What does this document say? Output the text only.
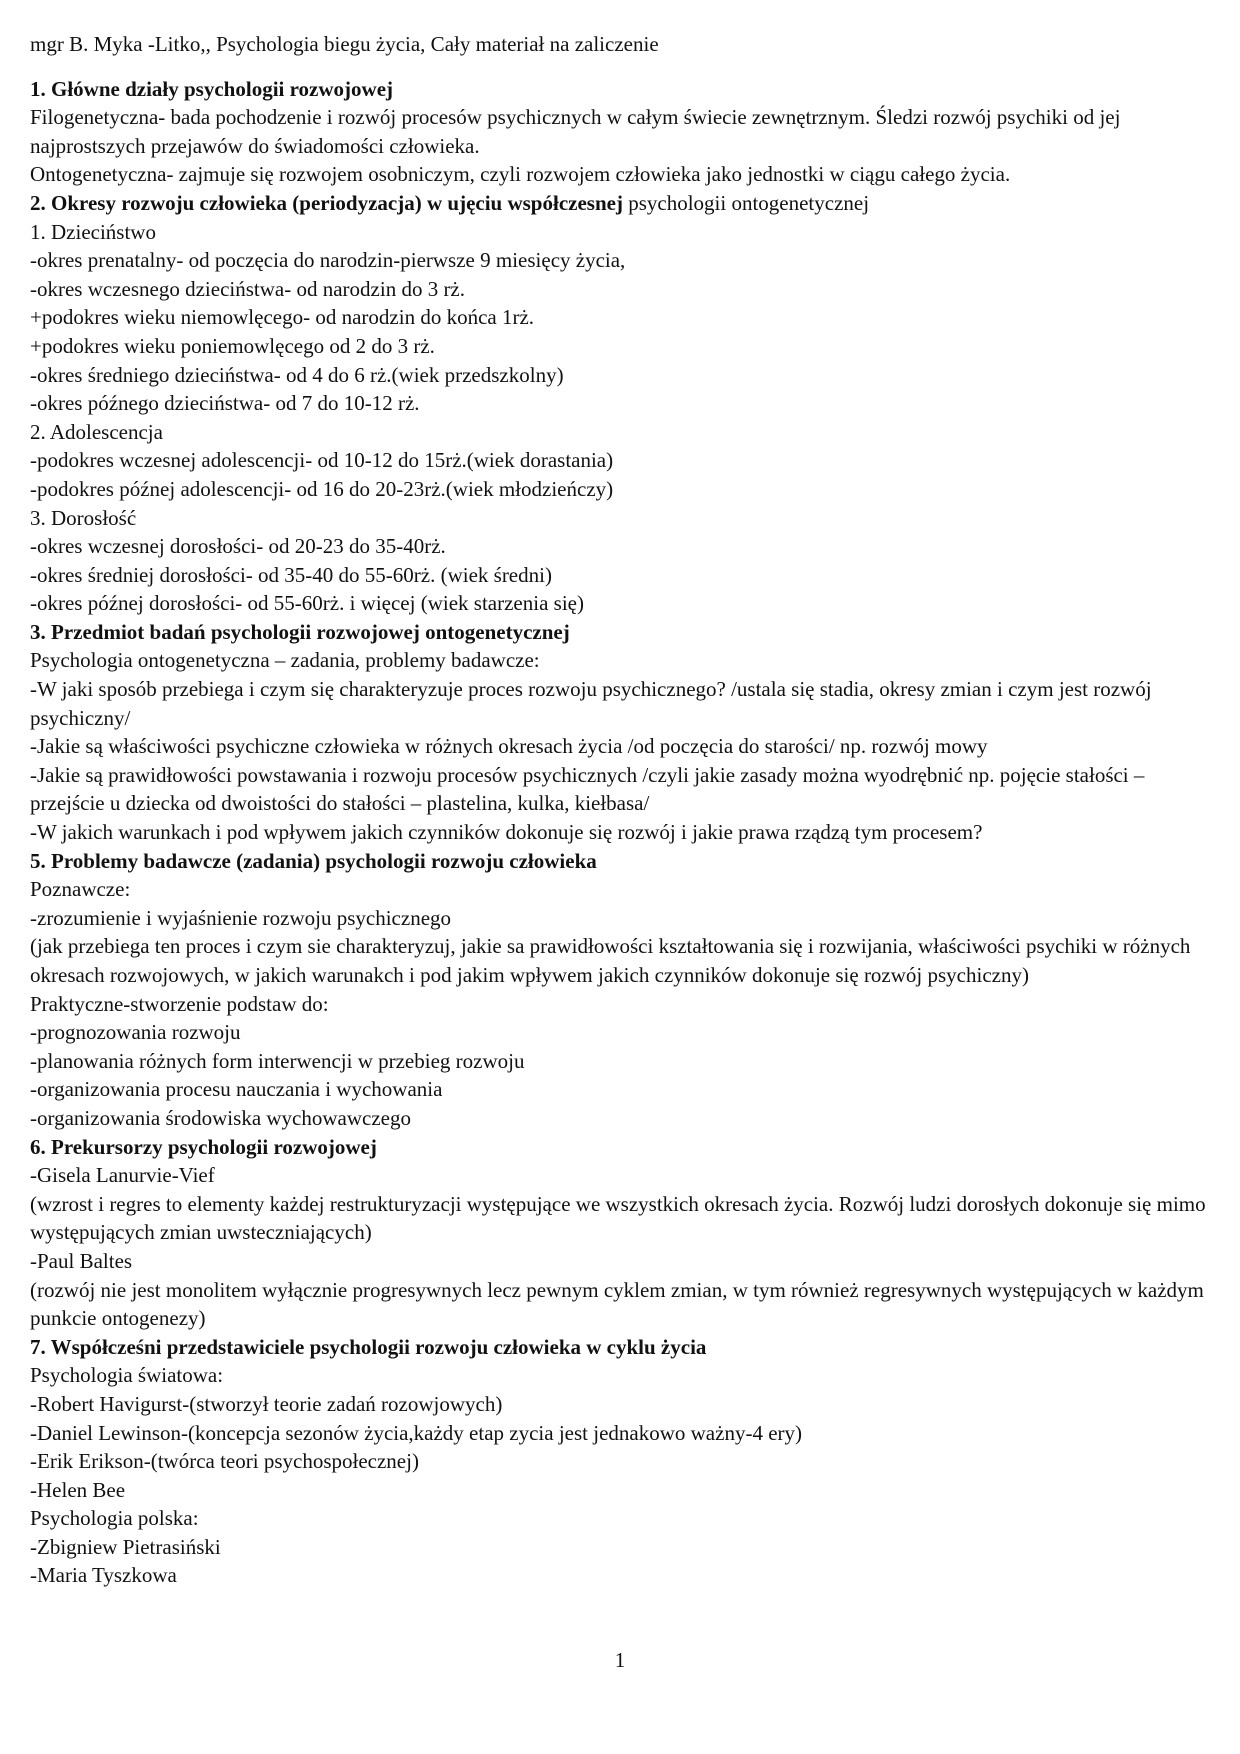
mgr B. Myka -Litko,, Psychologia biegu życia, Cały materiał na zaliczenie
1. Główne działy psychologii rozwojowej
Filogenetyczna- bada pochodzenie i rozwój procesów psychicznych w całym świecie zewnętrznym. Śledzi rozwój psychiki od jej najprostszych przejawów do świadomości człowieka.
Ontogenetyczna- zajmuje się rozwojem osobniczym, czyli rozwojem człowieka jako jednostki w ciągu całego życia.
2. Okresy rozwoju człowieka (periodyzacja) w ujęciu współczesnej psychologii ontogenetycznej
1. Dzieciństwo
-okres prenatalny- od poczęcia do narodzin-pierwsze 9 miesięcy życia,
-okres wczesnego dzieciństwa- od narodzin do 3 rż.
+podokres wieku niemowlęcego- od narodzin do końca 1rż.
+podokres wieku poniemowlęcego od 2 do 3 rż.
-okres średniego dzieciństwa- od 4 do 6 rż.(wiek przedszkolny)
-okres późnego dzieciństwa- od 7 do 10-12 rż.
2. Adolescencja
-podokres wczesnej adolescencji- od 10-12 do 15rż.(wiek dorastania)
-podokres późnej adolescencji- od 16 do 20-23rż.(wiek młodzieńczy)
3. Dorosłość
-okres wczesnej dorosłości- od 20-23 do 35-40rż.
-okres średniej dorosłości- od 35-40 do 55-60rż. (wiek średni)
-okres późnej dorosłości- od 55-60rż. i więcej (wiek starzenia się)
3. Przedmiot badań psychologii rozwojowej ontogenetycznej
Psychologia ontogenetyczna – zadania, problemy badawcze:
-W jaki sposób przebiega i czym się charakteryzuje proces rozwoju psychicznego? /ustala się stadia, okresy zmian i czym jest rozwój psychiczny/
-Jakie są właściwości psychiczne człowieka w różnych okresach życia /od poczęcia do starości/ np. rozwój mowy
-Jakie są prawidłowości powstawania i rozwoju procesów psychicznych /czyli jakie zasady można wyodrębnić np. pojęcie stałości – przejście u dziecka od dwoistości do stałości – plastelina, kulka, kiełbasa/
-W jakich warunkach i pod wpływem jakich czynników dokonuje się rozwój i jakie prawa rządzą tym procesem?
5. Problemy badawcze (zadania) psychologii rozwoju człowieka
Poznawcze:
-zrozumienie i wyjaśnienie rozwoju psychicznego
(jak przebiega ten proces i czym sie charakteryzuj, jakie sa prawidłowości kształtowania się i rozwijania, właściwości psychiki w różnych okresach rozwojowych, w jakich warunakch i pod jakim wpływem jakich czynników dokonuje się rozwój psychiczny)
Praktyczne-stworzenie podstaw do:
-prognozowania rozwoju
-planowania różnych form interwencji w przebieg rozwoju
-organizowania procesu nauczania i wychowania
-organizowania środowiska wychowawczego
6. Prekursorzy psychologii rozwojowej
-Gisela Lanurvie-Vief
(wzrost i regres to elementy każdej restrukturyzacji występujące we wszystkich okresach życia. Rozwój ludzi dorosłych dokonuje się mimo występujących zmian uwsteczniających)
-Paul Baltes
(rozwój nie jest monolitem wyłącznie progresywnych lecz pewnym cyklem zmian, w tym również regresywnych występujących w każdym punkcie ontogenezy)
7. Współcześni przedstawiciele psychologii rozwoju człowieka w cyklu życia
Psychologia światowa:
-Robert Havigurst-(stworzył teorie zadań rozowjowych)
-Daniel Lewinson-(koncepcja sezonów życia,każdy etap zycia jest jednakowo ważny-4 ery)
-Erik Erikson-(twórca teori psychospołecznej)
-Helen Bee
Psychologia polska:
-Zbigniew Pietrasiński
-Maria Tyszkowa
1
